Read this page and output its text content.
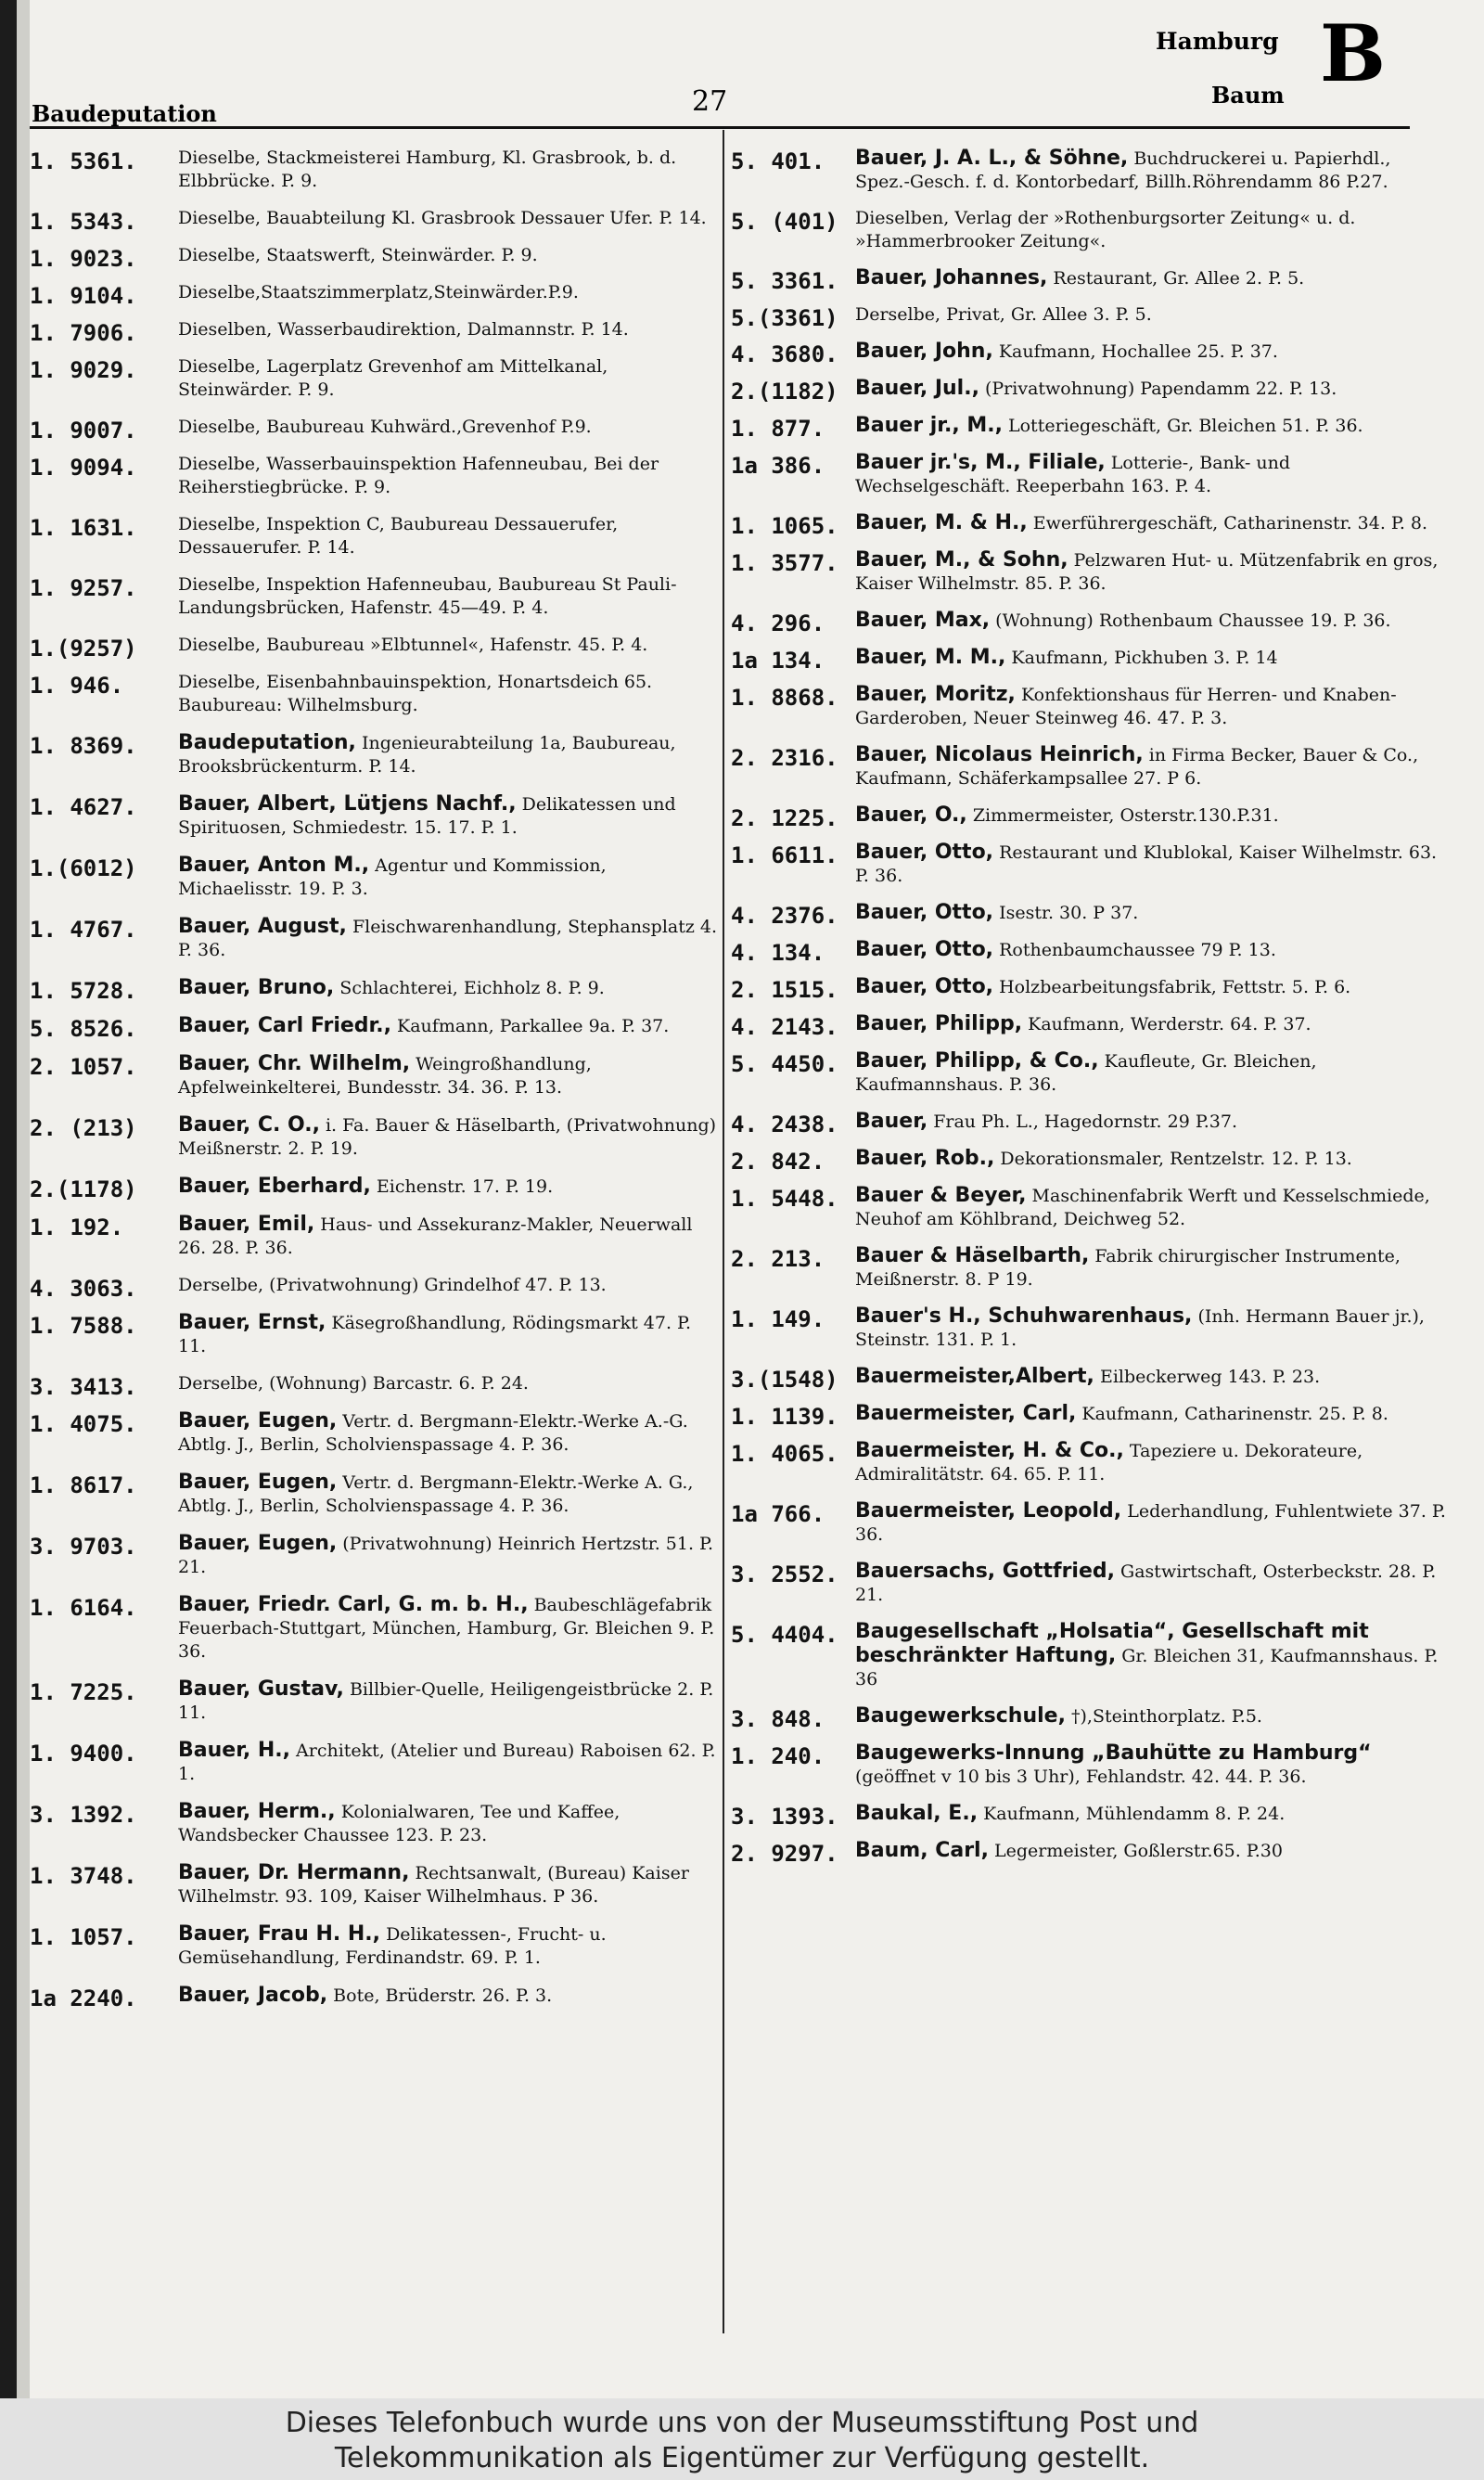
Baudeputation	27
Hamburg
Baum B
1. 5361. Dieselbe, Stackmeisterei Hamburg, Kl. Grasbrook, b. d. Elbbrücke. P. 9.
1. 5343. Dieselbe, Bauabteilung Kl. Grasbrook Dessauer Ufer. P. 14.
1. 9023. Dieselbe, Staatswerft, Steinwärder. P. 9.
1. 9104. Dieselbe,Staatszimmerplatz,Steinwärder.P.9.
1. 7906. Dieselben, Wasserbaudirektion, Dalmannstr. P. 14.
1. 9029. Dieselbe, Lagerplatz Grevenhof am Mittelkanal, Steinwärder. P. 9.
1. 9007. Dieselbe, Baubureau Kuhwärd.,Grevenhof P.9.
1. 9094. Dieselbe, Wasserbauinspektion Hafenneubau, Bei der Reiherstiegbrücke. P. 9.
1. 1631. Dieselbe, Inspektion C, Baubureau Dessauerufer, Dessauerufer. P. 14.
1. 9257. Dieselbe, Inspektion Hafenneubau, Baubureau St Pauli-Landungsbrücken, Hafenstr. 45—49. P. 4.
1.(9257) Dieselbe, Baubureau »Elbtunnel«, Hafenstr. 45. P. 4.
1. 946.	Dieselbe, Eisenbahnbauinspektion, Honartsdeich 65. Baubureau: Wilhelmsburg.
1. 8369. Baudeputation, Ingenieurabteilung 1a, Baubureau, Brooksbrückenturm. P. 14.
1. 4627. Bauer, Albert, Lütjens Nachf., Delikatessen und Spirituosen, Schmiedestr. 15. 17. P. 1.
1.(6012) Bauer, Anton M., Agentur und Kommission, Michaelisstr. 19. P. 3.
1. 4767. Bauer, August, Fleischwarenhandlung, Stephansplatz 4. P. 36.
1. 5728. Bauer, Bruno, Schlachterei, Eichholz 8. P. 9.
5. 8526. Bauer, Carl Friedr., Kaufmann, Parkallee 9a. P. 37.
2. 1057. Bauer, Chr. Wilhelm, Weingroßhandlung, Apfelweinkelterei, Bundesstr. 34. 36. P. 13.
2. (213) Bauer, C. O., i. Fa. Bauer & Häselbarth, (Privatwohnung) Meißnerstr. 2. P. 19.
2.(1178) Bauer, Eberhard, Eichenstr. 17. P. 19.
1. 192.	Bauer, Emil, Haus- und Assekuranz-Makler, Neuerwall 26. 28. P. 36.
4. 3063. Derselbe, (Privatwohnung) Grindelhof 47. P. 13.
1. 7588. Bauer, Ernst, Käsegroßhandlung, Rödingsmarkt 47. P. 11.
3. 3413. Derselbe, (Wohnung) Barcastr. 6. P. 24.
1. 4075. Bauer, Eugen, Vertr. d. Bergmann-Elektr.-Werke A.-G. Abtlg. J., Berlin, Scholvienspassage 4. P. 36.
1. 8617. Bauer, Eugen, Vertr. d. Bergmann-Elektr.-Werke A. G., Abtlg. J., Berlin, Scholvienspassage 4. P. 36.
3. 9703. Bauer, Eugen, (Privatwohnung) Heinrich Hertzstr. 51. P. 21.
1. 6164. Bauer, Friedr. Carl, G. m. b. H., Baubeschlägefabrik Feuerbach-Stuttgart, München, Hamburg, Gr. Bleichen 9. P. 36.
1. 7225. Bauer, Gustav, Billbier-Quelle, Heiligengeistbrücke 2. P. 11.
1. 9400. Bauer, H., Architekt, (Atelier und Bureau) Raboisen 62. P. 1.
3. 1392. Bauer, Herm., Kolonialwaren, Tee und Kaffee, Wandsbecker Chaussee 123. P. 23.
1. 3748. Bauer, Dr. Hermann, Rechtsanwalt, (Bureau) Kaiser Wilhelmstr. 93. 109, Kaiser Wilhelmhaus. P 36.
1. 1057. Bauer, Frau H. H., Delikatessen-, Frucht- u. Gemüsehandlung, Ferdinandstr. 69. P. 1.
1a 2240. Bauer, Jacob, Bote, Brüderstr. 26. P. 3.
5. 401. Bauer, J. A. L., & Söhne, Buchdruckerei u. Papierhdl., Spez.-Gesch. f. d. Kontorbedarf, Billh.Röhrendamm 86 P.27.
5. (401) Dieselben, Verlag der »Rothenburgsorter Zeitung« u. d. »Hammerbrooker Zeitung«.
5. 3361. Bauer, Johannes, Restaurant, Gr. Allee 2. P. 5.
5.(3361) Derselbe, Privat, Gr. Allee 3. P. 5.
4. 3680. Bauer, John, Kaufmann, Hochallee 25. P. 37.
2.(1182) Bauer, Jul., (Privatwohnung) Papendamm 22. P. 13.
1. 877. Bauer jr., M., Lotteriegeschäft, Gr. Bleichen 51. P. 36.
1a 386. Bauer jr.'s, M., Filiale, Lotterie-, Bank- und Wechselgeschäft. Reeperbahn 163. P. 4.
1. 1065. Bauer, M. & H., Ewerführergeschäft, Catharinenstr. 34. P. 8.
1. 3577. Bauer, M., & Sohn, Pelzwaren Hut- u. Mützenfabrik en gros, Kaiser Wilhelmstr. 85. P. 36.
4. 296. Bauer, Max, (Wohnung) Rothenbaum Chaussee 19. P. 36.
1a 134. Bauer, M. M., Kaufmann, Pickhuben 3. P. 14
1. 8868. Bauer, Moritz, Konfektionshaus für Herren- und Knaben-Garderoben, Neuer Steinweg 46. 47. P. 3.
2. 2316. Bauer, Nicolaus Heinrich, in Firma Becker, Bauer & Co., Kaufmann, Schäferkampsallee 27. P 6.
2. 1225. Bauer, O., Zimmermeister, Osterstr.130.P.31.
1. 6611. Bauer, Otto, Restaurant und Klublokal, Kaiser Wilhelmstr. 63. P. 36.
4. 2376. Bauer, Otto, Isestr. 30. P 37.
4. 134. Bauer, Otto, Rothenbaumchaussee 79 P. 13.
2. 1515. Bauer, Otto, Holzbearbeitungsfabrik, Fettstr. 5. P. 6.
4. 2143. Bauer, Philipp, Kaufmann, Werderstr. 64. P. 37.
5. 4450. Bauer, Philipp, & Co., Kaufleute, Gr. Bleichen, Kaufmannshaus. P. 36.
4. 2438. Bauer, Frau Ph. L., Hagedornstr. 29 P.37.
2. 842. Bauer, Rob., Dekorationsmaler, Rentzelstr. 12. P. 13.
1. 5448. Bauer & Beyer, Maschinenfabrik Werft und Kesselschmiede, Neuhof am Köhlbrand, Deichweg 52.
2. 213. Bauer & Häselbarth, Fabrik chirurgischer Instrumente, Meißnerstr. 8. P 19.
1. 149. Bauer's H., Schuhwarenhaus, (Inh. Hermann Bauer jr.), Steinstr. 131. P. 1.
3.(1548) Bauermeister,Albert, Eilbeckerweg 143. P. 23.
1. 1139. Bauermeister, Carl, Kaufmann, Catharinenstr. 25. P. 8.
1. 4065. Bauermeister, H. & Co., Tapeziere u. Dekorateure, Admiralitätstr. 64. 65. P. 11.
1a 766. Bauermeister, Leopold, Lederhandlung, Fuhlentwiete 37. P. 36.
3. 2552. Bauersachs, Gottfried, Gastwirtschaft, Osterbeckstr. 28. P. 21.
5. 4404. Baugesellschaft „Holsatia“, Gesellschaft mit beschränkter Haftung, Gr. Bleichen 31, Kaufmannshaus. P. 36
3. 848. Baugewerkschule, †),Steinthorplatz. P.5.
1. 240. Baugewerks-Innung „Bauhütte zu Hamburg“ (geöffnet v 10 bis 3 Uhr), Fehlandstr. 42. 44. P. 36.
3. 1393. Baukal, E., Kaufmann, Mühlendamm 8. P. 24.
2. 9297. Baum, Carl, Legermeister, Goßlerstr.65. P.30
Dieses Telefonbuch wurde uns von der Museumsstiftung Post und
Telekommunikation als Eigentümer zur Verfügung gestellt.
